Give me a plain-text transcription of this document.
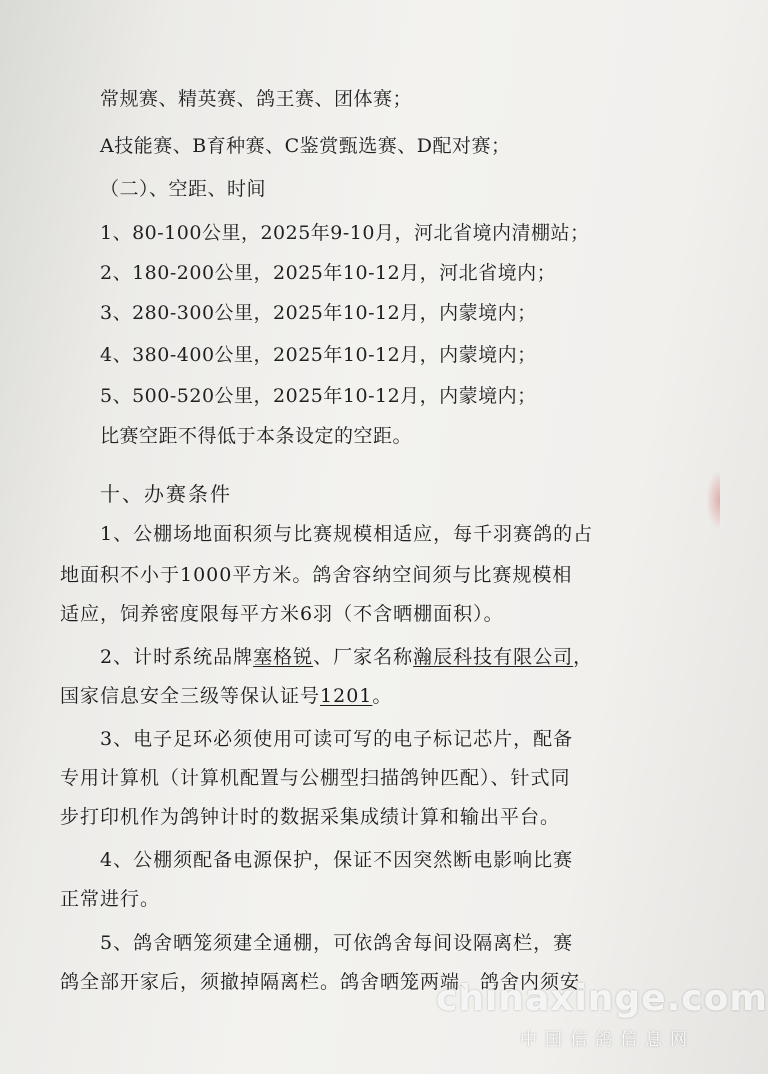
常规赛、精英赛、鸽王赛、团体赛；
A技能赛、B育种赛、C鉴赏甄选赛、D配对赛；
（二）、空距、时间
1、80-100公里，2025年9-10月，河北省境内清棚站；
2、180-200公里，2025年10-12月，河北省境内；
3、280-300公里，2025年10-12月，内蒙境内；
4、380-400公里，2025年10-12月，内蒙境内；
5、500-520公里，2025年10-12月，内蒙境内；
比赛空距不得低于本条设定的空距。
十、办赛条件
1、公棚场地面积须与比赛规模相适应，每千羽赛鸽的占
地面积不小于1000平方米。鸽舍容纳空间须与比赛规模相
适应，饲养密度限每平方米6羽（不含晒棚面积）。
2、计时系统品牌塞格锐、厂家名称瀚辰科技有限公司，
国家信息安全三级等保认证号1201。
3、电子足环必须使用可读可写的电子标记芯片，配备
专用计算机（计算机配置与公棚型扫描鸽钟匹配）、针式同
步打印机作为鸽钟计时的数据采集成绩计算和输出平台。
4、公棚须配备电源保护，保证不因突然断电影响比赛
正常进行。
5、鸽舍晒笼须建全通棚，可依鸽舍每间设隔离栏，赛
鸽全部开家后，须撤掉隔离栏。鸽舍晒笼两端、鸽舍内须安
chinaxinge.com
中国信鸽信息网
